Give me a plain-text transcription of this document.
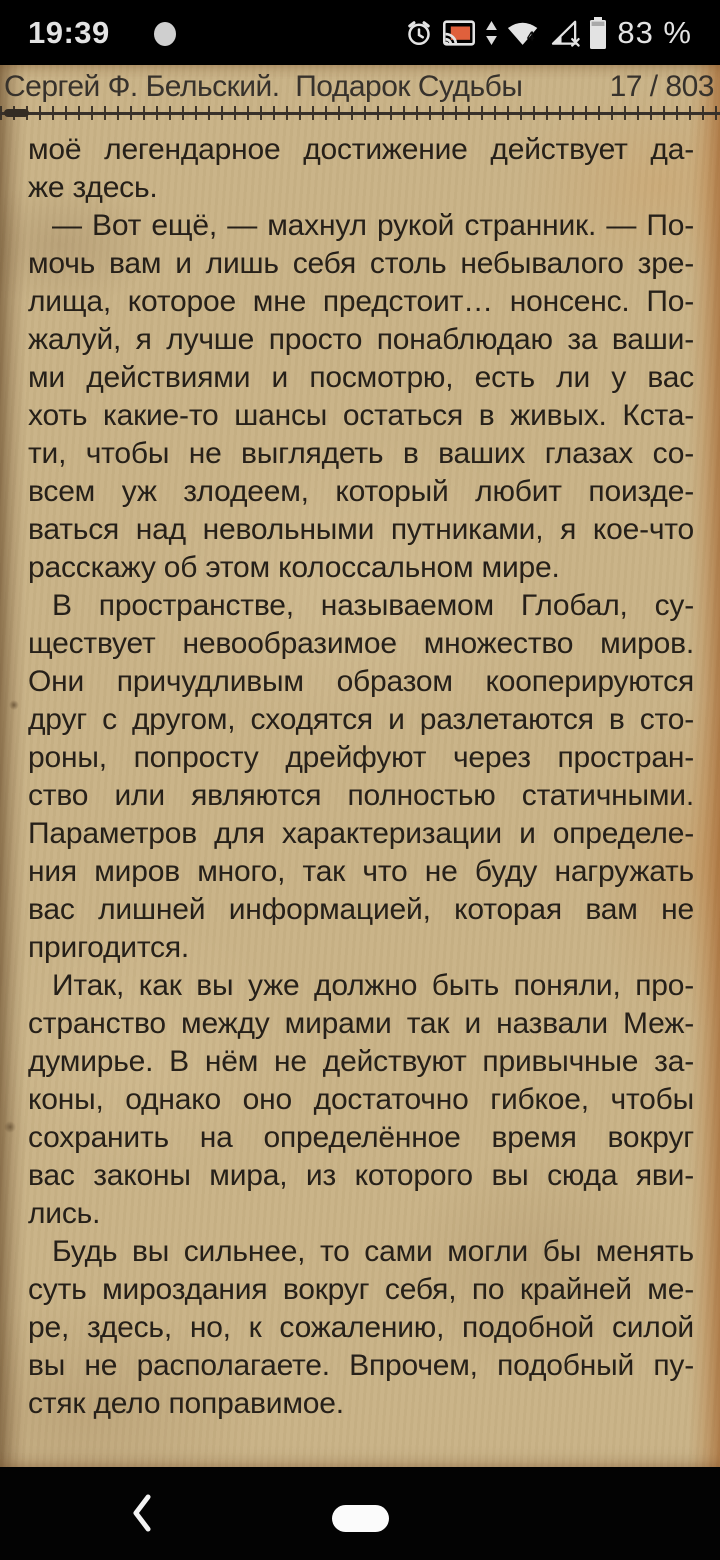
19:39	4	83 %
Сергей Ф. Бельский.  Подарок Судьбы	17 / 803
моё легендарное достижение действует да-
же здесь.
— Вот ещё, — махнул рукой странник. — По-
мочь вам и лишь себя столь небывалого зре-
лища, которое мне предстоит… нонсенс. По-
жалуй, я лучше просто понаблюдаю за ваши-
ми действиями и посмотрю, есть ли у вас
хоть какие-то шансы остаться в живых. Кста-
ти, чтобы не выглядеть в ваших глазах со-
всем уж злодеем, который любит поизде-
ваться над невольными путниками, я кое-что
расскажу об этом колоссальном мире.
В пространстве, называемом Глобал, су-
ществует невообразимое множество миров.
Они причудливым образом кооперируются
друг с другом, сходятся и разлетаются в сто-
роны, попросту дрейфуют через простран-
ство или являются полностью статичными.
Параметров для характеризации и определе-
ния миров много, так что не буду нагружать
вас лишней информацией, которая вам не
пригодится.
Итак, как вы уже должно быть поняли, про-
странство между мирами так и назвали Меж-
думирье. В нём не действуют привычные за-
коны, однако оно достаточно гибкое, чтобы
сохранить на определённое время вокруг
вас законы мира, из которого вы сюда яви-
лись.
Будь вы сильнее, то сами могли бы менять
суть мироздания вокруг себя, по крайней ме-
ре, здесь, но, к сожалению, подобной силой
вы не располагаете. Впрочем, подобный пу-
стяк дело поправимое.
